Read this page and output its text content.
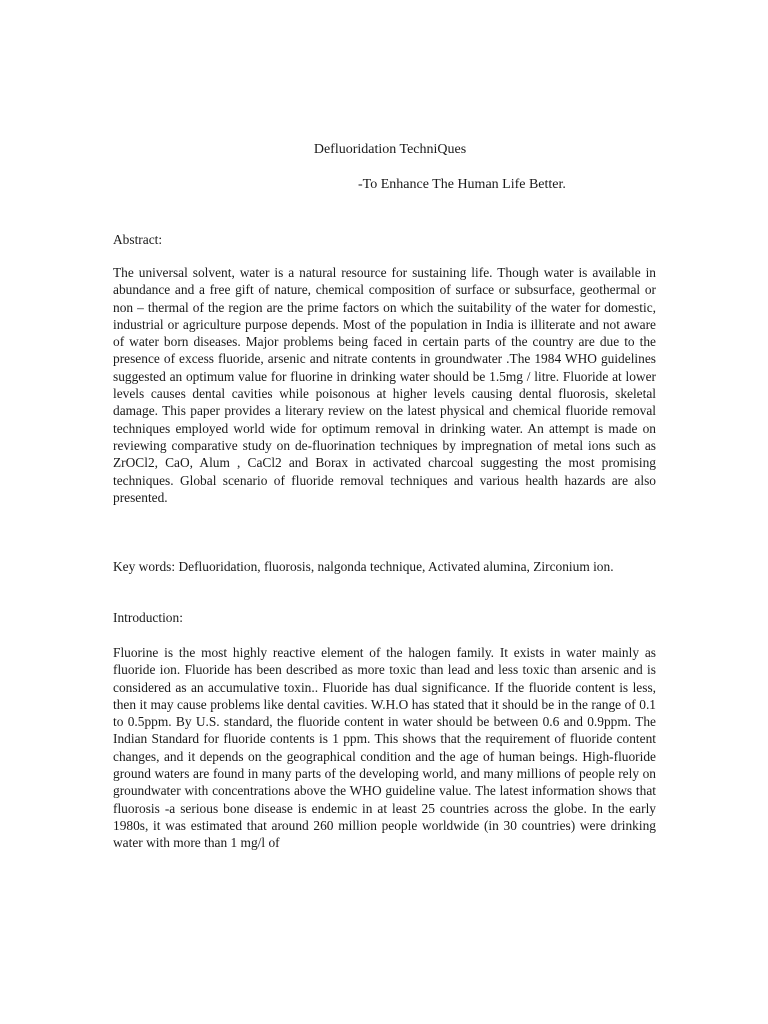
Defluoridation TechniQues
-To Enhance The Human Life Better.

Abstract:

The universal solvent, water is a natural resource for sustaining life. Though water is available in abundance and a free gift of nature, chemical composition of surface or subsurface, geothermal or non – thermal of the region are the prime factors on which the suitability of the water for domestic, industrial or agriculture purpose depends. Most of the population in India is illiterate and not aware of water born diseases. Major problems being faced in certain parts of the country are due to the presence of excess fluoride, arsenic and nitrate contents in groundwater .The 1984 WHO guidelines suggested an optimum value for fluorine in drinking water should be 1.5mg / litre. Fluoride at lower levels causes dental cavities while poisonous at higher levels causing dental fluorosis, skeletal damage. This paper provides a literary review on the latest physical and chemical fluoride removal techniques employed world wide for optimum removal in drinking water. An attempt is made on reviewing comparative study on de-fluorination techniques by impregnation of metal ions such as ZrOCl2, CaO, Alum , CaCl2 and Borax in activated charcoal suggesting the most promising techniques. Global scenario of fluoride removal techniques and various health hazards are also presented.

Key words: Defluoridation, fluorosis, nalgonda technique, Activated alumina, Zirconium ion.

Introduction:

Fluorine is the most highly reactive element of the halogen family. It exists in water mainly as fluoride ion. Fluoride has been described as more toxic than lead and less toxic than arsenic and is considered as an accumulative toxin.. Fluoride has dual significance. If the fluoride content is less, then it may cause problems like dental cavities. W.H.O has stated that it should be in the range of 0.1 to 0.5ppm. By U.S. standard, the fluoride content in water should be between 0.6 and 0.9ppm. The Indian Standard for fluoride contents is 1 ppm. This shows that the requirement of fluoride content changes, and it depends on the geographical condition and the age of human beings. High-fluoride ground waters are found in many parts of the developing world, and many millions of people rely on groundwater with concentrations above the WHO guideline value. The latest information shows that fluorosis -a serious bone disease is endemic in at least 25 countries across the globe. In the early 1980s, it was estimated that around 260 million people worldwide (in 30 countries) were drinking water with more than 1 mg/l of
